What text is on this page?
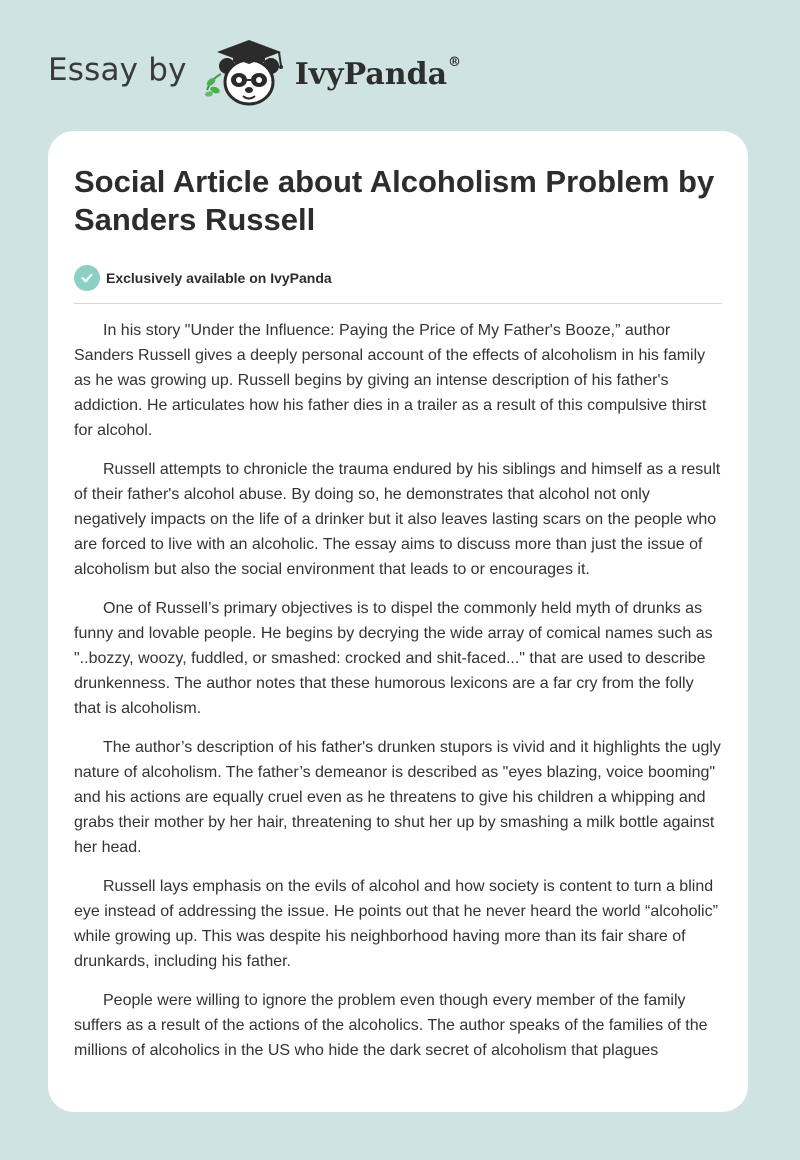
Essay by	IvyPanda®
Social Article about Alcoholism Problem by Sanders Russell
Exclusively available on IvyPanda

In his story "Under the Influence: Paying the Price of My Father's Booze,” author Sanders Russell gives a deeply personal account of the effects of alcoholism in his family as he was growing up. Russell begins by giving an intense description of his father's addiction. He articulates how his father dies in a trailer as a result of this compulsive thirst for alcohol.

Russell attempts to chronicle the trauma endured by his siblings and himself as a result of their father's alcohol abuse. By doing so, he demonstrates that alcohol not only negatively impacts on the life of a drinker but it also leaves lasting scars on the people who are forced to live with an alcoholic. The essay aims to discuss more than just the issue of alcoholism but also the social environment that leads to or encourages it.

One of Russell’s primary objectives is to dispel the commonly held myth of drunks as funny and lovable people. He begins by decrying the wide array of comical names such as "..bozzy, woozy, fuddled, or smashed: crocked and shit-faced..." that are used to describe drunkenness. The author notes that these humorous lexicons are a far cry from the folly that is alcoholism.

The author’s description of his father's drunken stupors is vivid and it highlights the ugly nature of alcoholism. The father’s demeanor is described as "eyes blazing, voice booming" and his actions are equally cruel even as he threatens to give his children a whipping and grabs their mother by her hair, threatening to shut her up by smashing a milk bottle against her head.

Russell lays emphasis on the evils of alcohol and how society is content to turn a blind eye instead of addressing the issue. He points out that he never heard the world “alcoholic” while growing up. This was despite his neighborhood having more than its fair share of drunkards, including his father.

People were willing to ignore the problem even though every member of the family suffers as a result of the actions of the alcoholics. The author speaks of the families of the millions of alcoholics in the US who hide the dark secret of alcoholism that plagues
